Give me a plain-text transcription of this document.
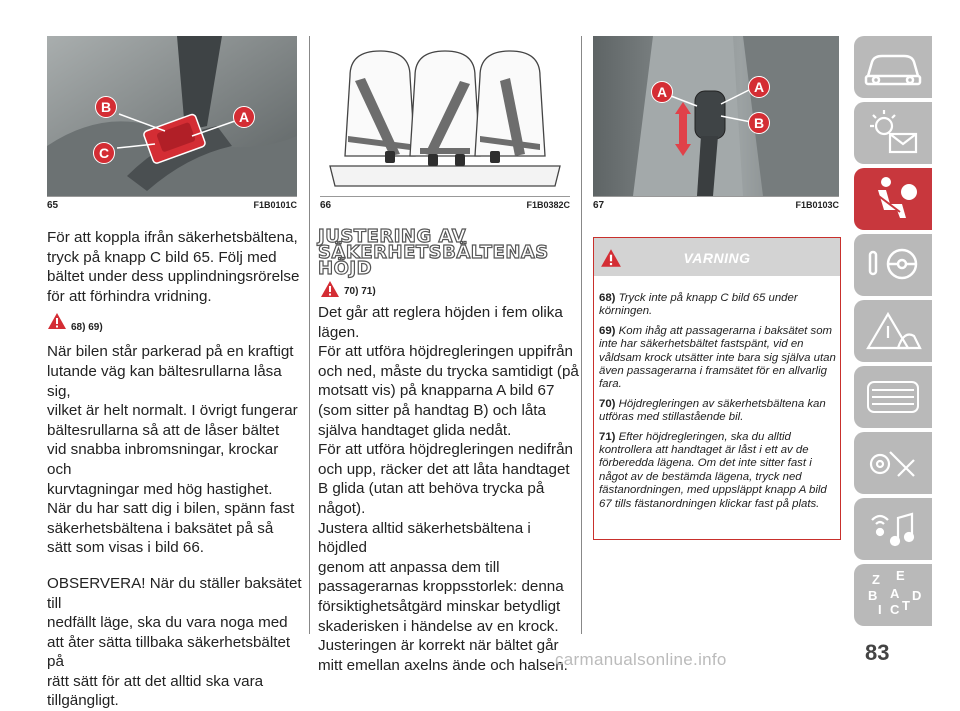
B
A
C
65	F1B0101C 66	F1B0382C
A	A
B
67	F1B0103C

För att koppla ifrån säkerhetsbältena,
tryck på knapp C bild 65. Följ med
bältet under dess upplindningsrörelse
för att förhindra vridning.

68) 69)

När bilen står parkerad på en kraftigt
lutande väg kan bältesrullarna låsa sig,
vilket är helt normalt. I övrigt fungerar
bältesrullarna så att de låser bältet
vid snabba inbromsningar, krockar och
kurvtagningar med hög hastighet.
När du har satt dig i bilen, spänn fast
säkerhetsbältena i baksätet på så
sätt som visas i bild 66.

OBSERVERA! När du ställer baksätet till
nedfällt läge, ska du vara noga med
att åter sätta tillbaka säkerhetsbältet på
rätt sätt för att det alltid ska vara
tillgängligt.

JUSTERING AV
SÄKERHETSBÄLTENAS
HÖJD
70) 71)

Det går att reglera höjden i fem olika
lägen.
För att utföra höjdregleringen uppifrån
och ned, måste du trycka samtidigt (på
motsatt vis) på knapparna A bild 67
(som sitter på handtag B) och låta
själva handtaget glida nedåt.
För att utföra höjdregleringen nedifrån
och upp, räcker det att låta handtaget
B glida (utan att behöva trycka på
något).
Justera alltid säkerhetsbältena i höjdled
genom att anpassa dem till
passagerarnas kroppsstorlek: denna
försiktighetsåtgärd minskar betydligt
skaderisken i händelse av en krock.
Justeringen är korrekt när bältet går
mitt emellan axelns ände och halsen.

VARNING

68) Tryck inte på knapp C bild 65 under körningen.

69) Kom ihåg att passagerarna i baksätet som inte har säkerhetsbältet fastspänt, vid en våldsam krock utsätter inte bara sig själva utan även passagerarna i framsätet för en allvarlig fara.

70) Höjdregleringen av säkerhetsbältena kan utföras med stillastående bil.

71) Efter höjdregleringen, ska du alltid kontrollera att handtaget är låst i ett av de förberedda lägena. Om det inte sitter fast i något av de bestämda lägena, tryck ned fästanordningen, med uppsläppt knapp A bild 67 tills fästanordningen klickar fast på plats.

Z E
B A
I C T
D
83
carmanualsonline.info
